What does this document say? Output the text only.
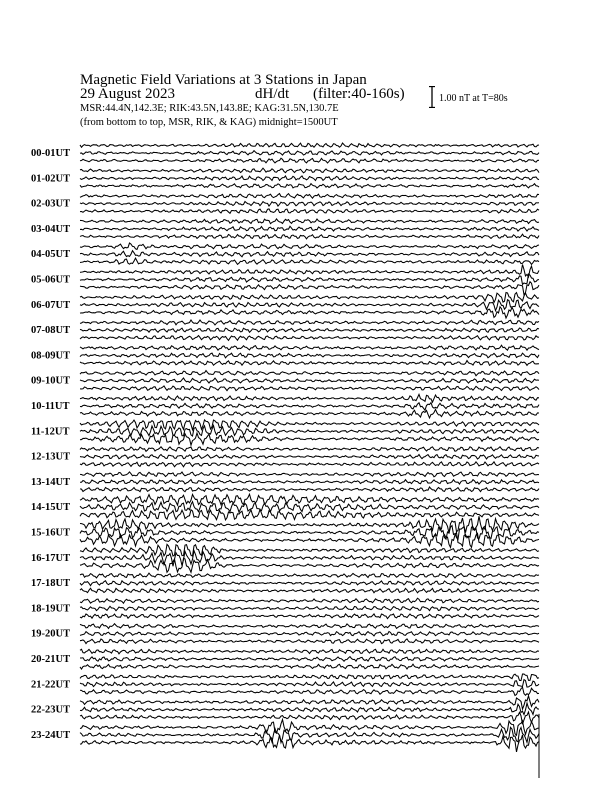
Magnetic Field Variations at 3 Stations in Japan
29 August 2023	dH/dt (filter:40-160s)
MSR:44.4N,142.3E; RIK:43.5N,143.8E; KAG:31.5N,130.7E
(from bottom to top, MSR, RIK, & KAG) midnight=1500UT
1.00 nT at T=80s
00-01UT
01-02UT
02-03UT
03-04UT
04-05UT
05-06UT
06-07UT
07-08UT
08-09UT
09-10UT
10-11UT
11-12UT
12-13UT
13-14UT
14-15UT
15-16UT
16-17UT
17-18UT
18-19UT
19-20UT
20-21UT
21-22UT
22-23UT
23-24UT
